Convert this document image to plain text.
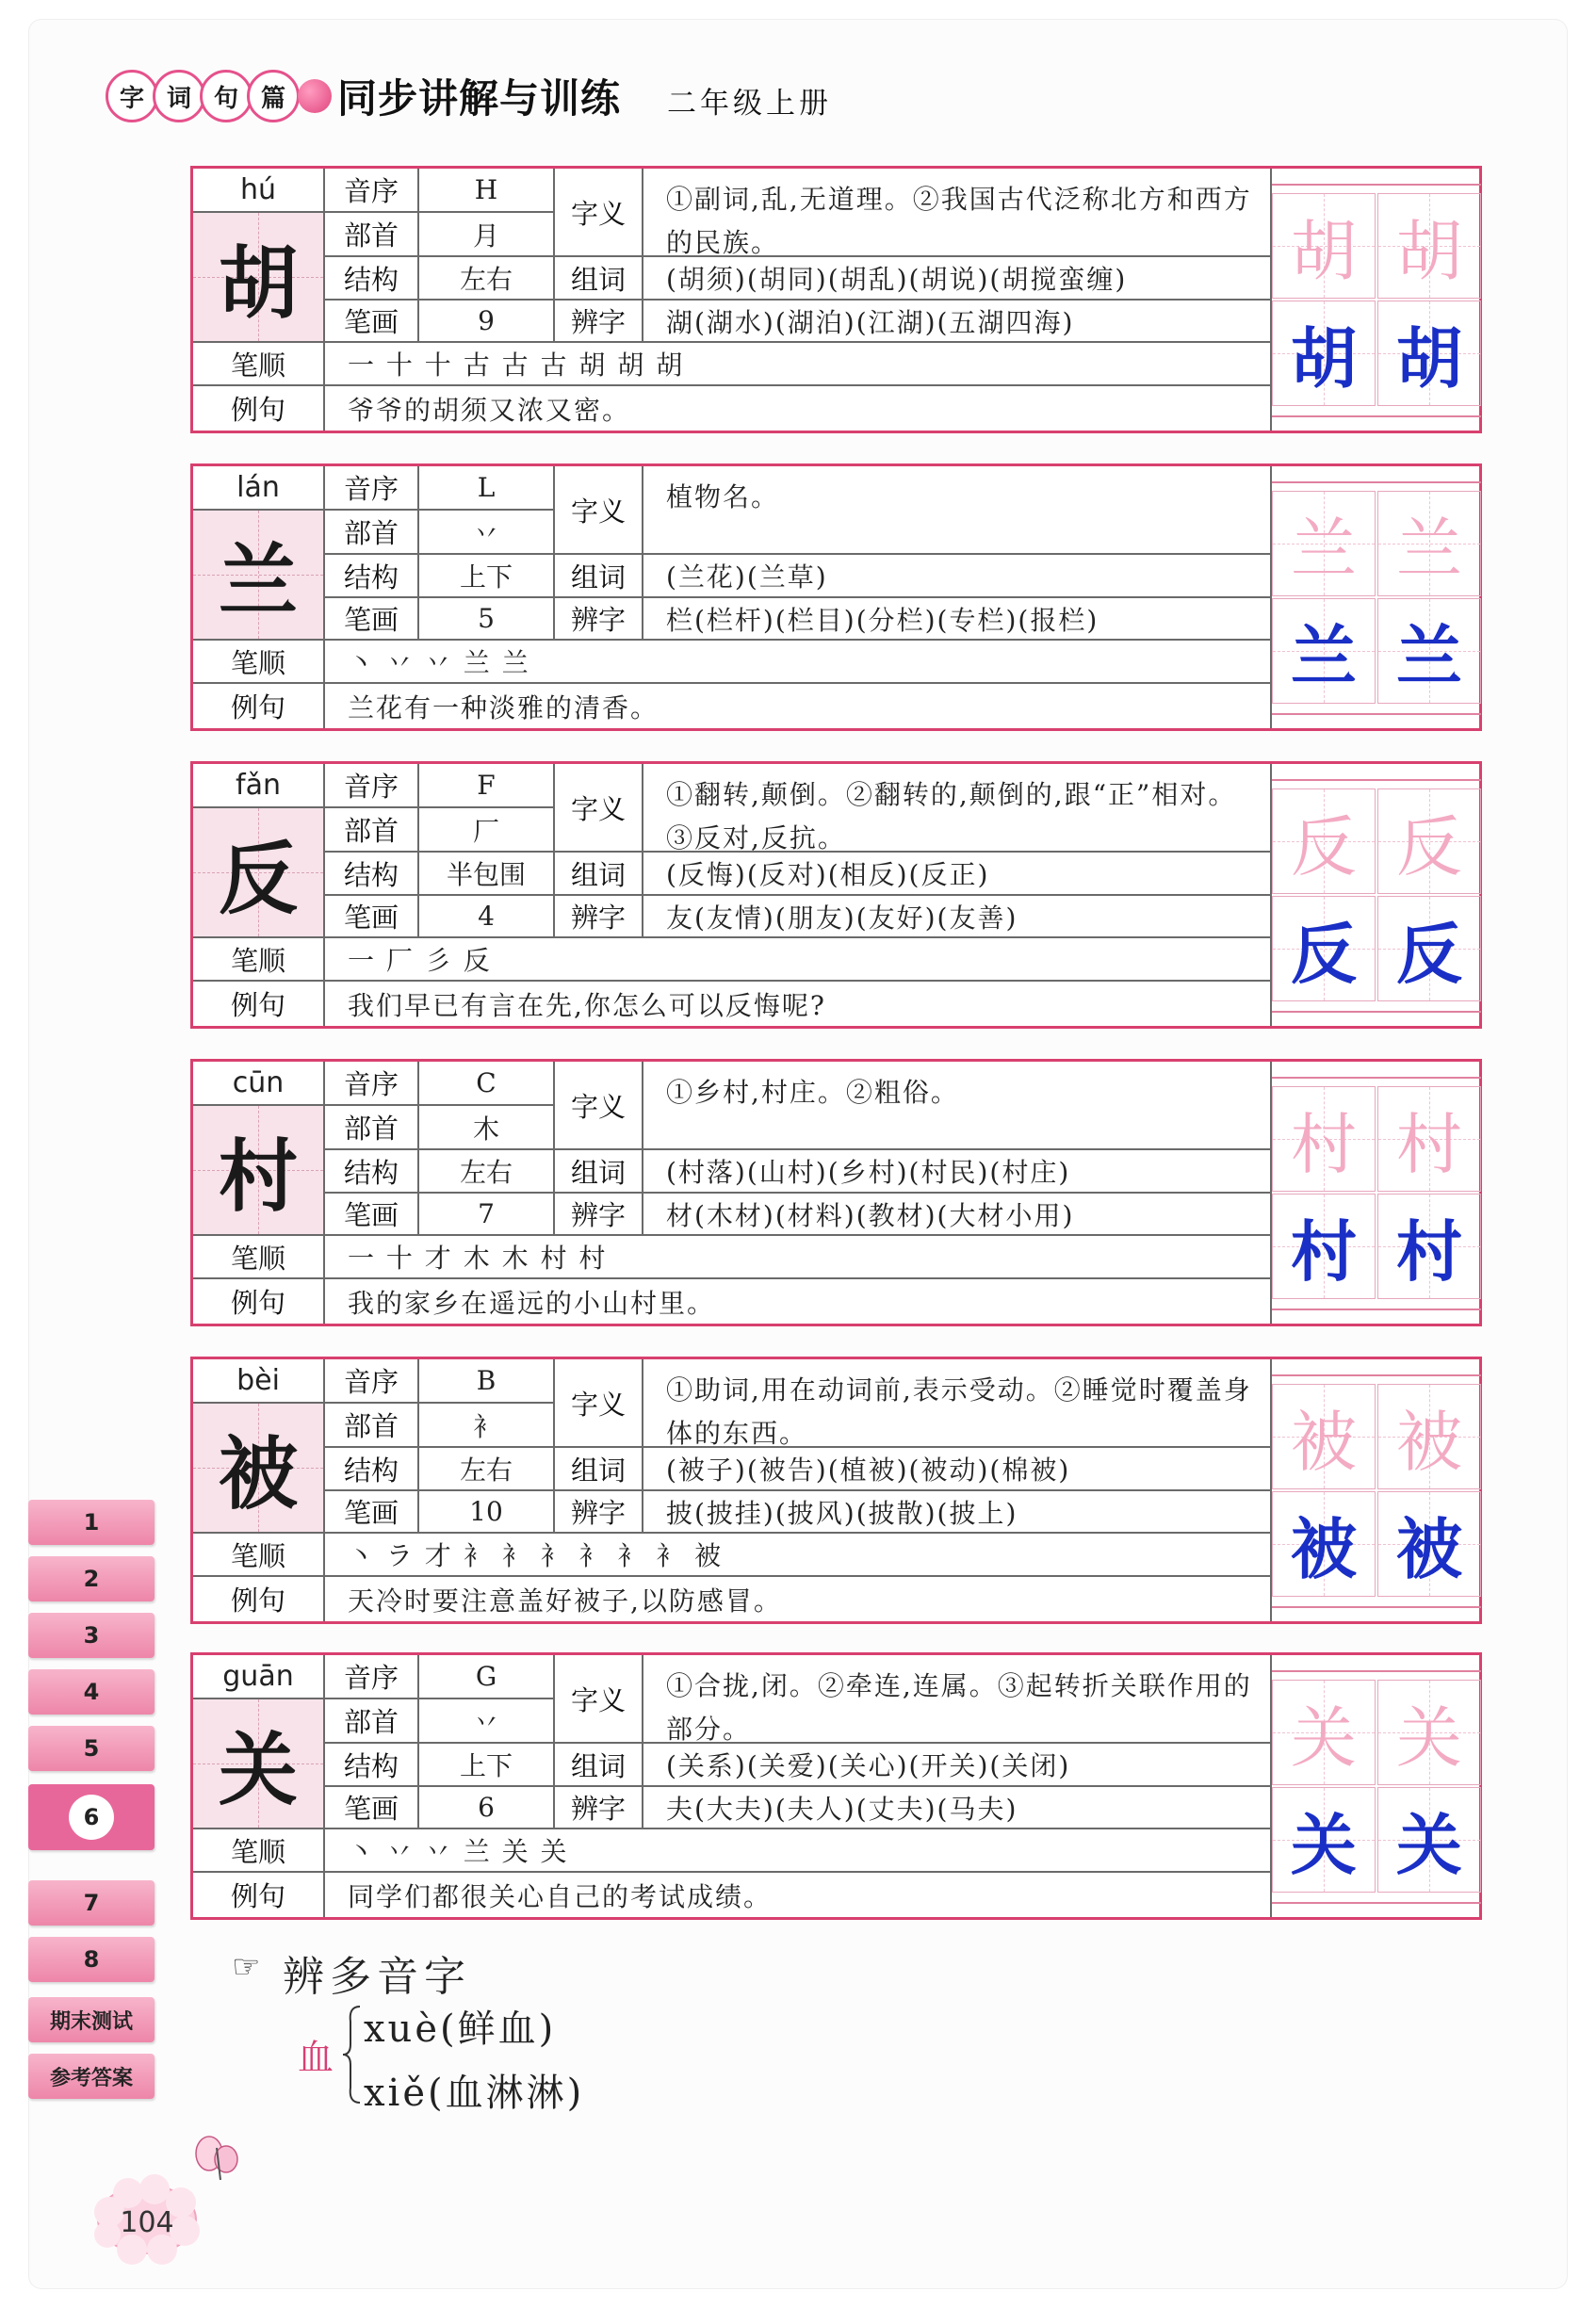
字 词 句 篇	同步讲解与训练 二年级上册
hú
胡
音序	H
部首	月
结构	左右
笔画	9
字义	①副词,乱,无道理。②我国古代泛称北方和西方的民族。
组词	(胡须)(胡同)(胡乱)(胡说)(胡搅蛮缠)
辨字	湖(湖水)(湖泊)(江湖)(五湖四海)
笔顺	一 十 十 古 古 古 胡 胡 胡
例句	爷爷的胡须又浓又密。
胡 胡
胡 胡
lán
兰
音序	L
部首	丷
结构	上下
笔画	5
字义	植物名。
组词	(兰花)(兰草)
辨字	栏(栏杆)(栏目)(分栏)(专栏)(报栏)
笔顺	丶 丷 丷 兰 兰
例句	兰花有一种淡雅的清香。
兰 兰
兰 兰
fǎn
反
音序	F
部首	厂
结构	半包围
笔画	4
字义	①翻转,颠倒。②翻转的,颠倒的,跟“正”相对。③反对,反抗。
组词	(反悔)(反对)(相反)(反正)
辨字	友(友情)(朋友)(友好)(友善)
笔顺	一 厂 彡 反
例句	我们早已有言在先,你怎么可以反悔呢?
反 反
反 反
cūn
村
音序	C
部首	木
结构	左右
笔画	7
字义	①乡村,村庄。②粗俗。
组词	(村落)(山村)(乡村)(村民)(村庄)
辨字	材(木材)(材料)(教材)(大材小用)
笔顺	一 十 才 木 木 村 村
例句	我的家乡在遥远的小山村里。
村 村
村 村
bèi
被
音序	B
部首	衤
结构	左右
笔画	10
字义	①助词,用在动词前,表示受动。②睡觉时覆盖身体的东西。
组词	(被子)(被告)(植被)(被动)(棉被)
辨字	披(披挂)(披风)(披散)(披上)
笔顺	丶 ラ 才 衤 衤 衤 衤 衤 衤 被
例句	天冷时要注意盖好被子,以防感冒。
被 被
被 被
guān
关
音序	G
部首	丷
结构	上下
笔画	6
字义	①合拢,闭。②牵连,连属。③起转折关联作用的部分。
组词	(关系)(关爱)(关心)(开关)(关闭)
辨字	夫(大夫)(夫人)(丈夫)(马夫)
笔顺	丶 丷 丷 兰 关 关
例句	同学们都很关心自己的考试成绩。
关 关
关 关
1
2
3
4
5
6
7
8
期末测试
参考答案
☞ 辨多音字
血
xuè(鲜血)
xiě(血淋淋)
104
